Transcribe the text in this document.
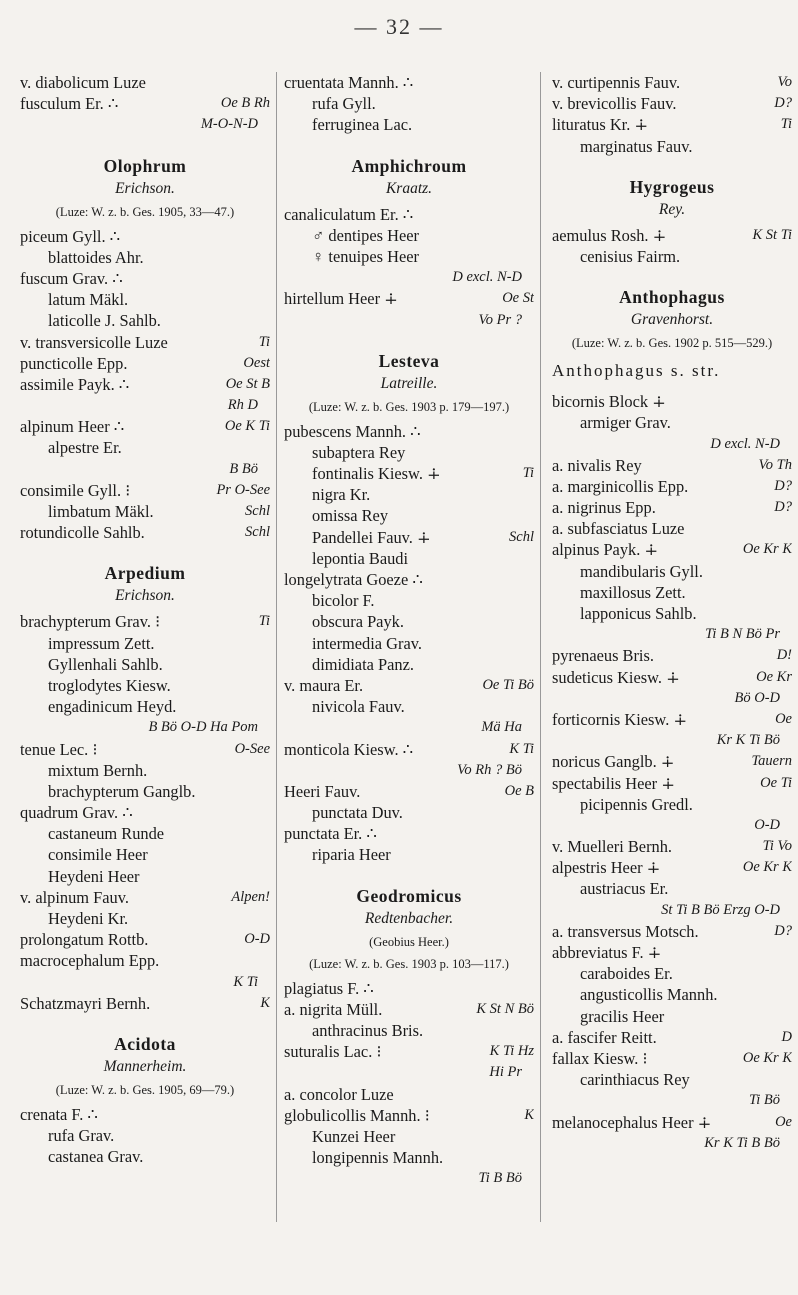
— 32 —
v. diabolicum Luze
fusculum Er. ∴	Oe B Rh
M-O-N-D
Olophrum
Erichson.
(Luze: W. z. b. Ges. 1905, 33—47.)
piceum Gyll. ∴
blattoides Ahr.
fuscum Grav. ∴
latum Mäkl.
laticolle J. Sahlb.
v. transversicolle Luze	Ti
puncticolle Epp.	Oest
assimile Payk. ∴	Oe St B
Rh D
alpinum Heer ∴	Oe K Ti
alpestre Er.
B Bö
consimile Gyll. ⁝	Pr O-See
limbatum Mäkl.	Schl
rotundicolle Sahlb.	Schl
Arpedium
Erichson.
brachypterum Grav. ⁝	Ti
impressum Zett.
Gyllenhali Sahlb.
troglodytes Kiesw.
engadinicum Heyd.
B Bö O-D Ha Pom
tenue Lec. ⁝	O-See
mixtum Bernh.
brachypterum Ganglb.
quadrum Grav. ∴
castaneum Runde
consimile Heer
Heydeni Heer
v. alpinum Fauv.	Alpen!
Heydeni Kr.
prolongatum Rottb.	O-D
macrocephalum Epp.
K Ti
Schatzmayri Bernh.	K
Acidota
Mannerheim.
(Luze: W. z. b. Ges. 1905, 69—79.)
crenata F. ∴
rufa Grav.
castanea Grav.
cruentata Mannh. ∴
rufa Gyll.
ferruginea Lac.
Amphichroum
Kraatz.
canaliculatum Er. ∴
♂ dentipes Heer
♀ tenuipes Heer
D excl. N-D
hirtellum Heer ∔	Oe St
Vo Pr ?
Lesteva
Latreille.
(Luze: W. z. b. Ges. 1903 p. 179—197.)
pubescens Mannh. ∴
subaptera Rey
fontinalis Kiesw. ∔	Ti
nigra Kr.
omissa Rey
Pandellei Fauv. ∔	Schl
lepontia Baudi
longelytrata Goeze ∴
bicolor F.
obscura Payk.
intermedia Grav.
dimidiata Panz.
v. maura Er.	Oe Ti Bö
nivicola Fauv.
Mä Ha
monticola Kiesw. ∴	K Ti
Vo Rh ? Bö
Heeri Fauv.	Oe B
punctata Duv.
punctata Er. ∴
riparia Heer
Geodromicus
Redtenbacher.
(Geobius Heer.)
(Luze: W. z. b. Ges. 1903 p. 103—117.)
plagiatus F. ∴
a. nigrita Müll.	K St N Bö
anthracinus Bris.
suturalis Lac. ⁝	K Ti Hz
Hi Pr
a. concolor Luze
globulicollis Mannh. ⁝	K
Kunzei Heer
longipennis Mannh.
Ti B Bö
v. curtipennis Fauv.	Vo
v. brevicollis Fauv.	D?
lituratus Kr. ∔	Ti
marginatus Fauv.
Hygrogeus
Rey.
aemulus Rosh. ∔	K St Ti
cenisius Fairm.
Anthophagus
Gravenhorst.
(Luze: W. z. b. Ges. 1902 p. 515—529.)
Anthophagus s. str.
bicornis Block ∔
armiger Grav.
D excl. N-D
a. nivalis Rey	Vo Th
a. marginicollis Epp.	D?
a. nigrinus Epp.	D?
a. subfasciatus Luze
alpinus Payk. ∔	Oe Kr K
mandibularis Gyll.
maxillosus Zett.
lapponicus Sahlb.
Ti B N Bö Pr
pyrenaeus Bris.	D!
sudeticus Kiesw. ∔	Oe Kr
Bö O-D
forticornis Kiesw. ∔	Oe
Kr K Ti Bö
noricus Ganglb. ∔	Tauern
spectabilis Heer ∔	Oe Ti
picipennis Gredl.
O-D
v. Muelleri Bernh.	Ti Vo
alpestris Heer ∔	Oe Kr K
austriacus Er.
St Ti B Bö Erzg O-D
a. transversus Motsch.	D?
abbreviatus F. ∔
caraboides Er.
angusticollis Mannh.
gracilis Heer
a. fascifer Reitt.	D
fallax Kiesw. ⁝	Oe Kr K
carinthiacus Rey
Ti Bö
melanocephalus Heer ∔	Oe
Kr K Ti B Bö
